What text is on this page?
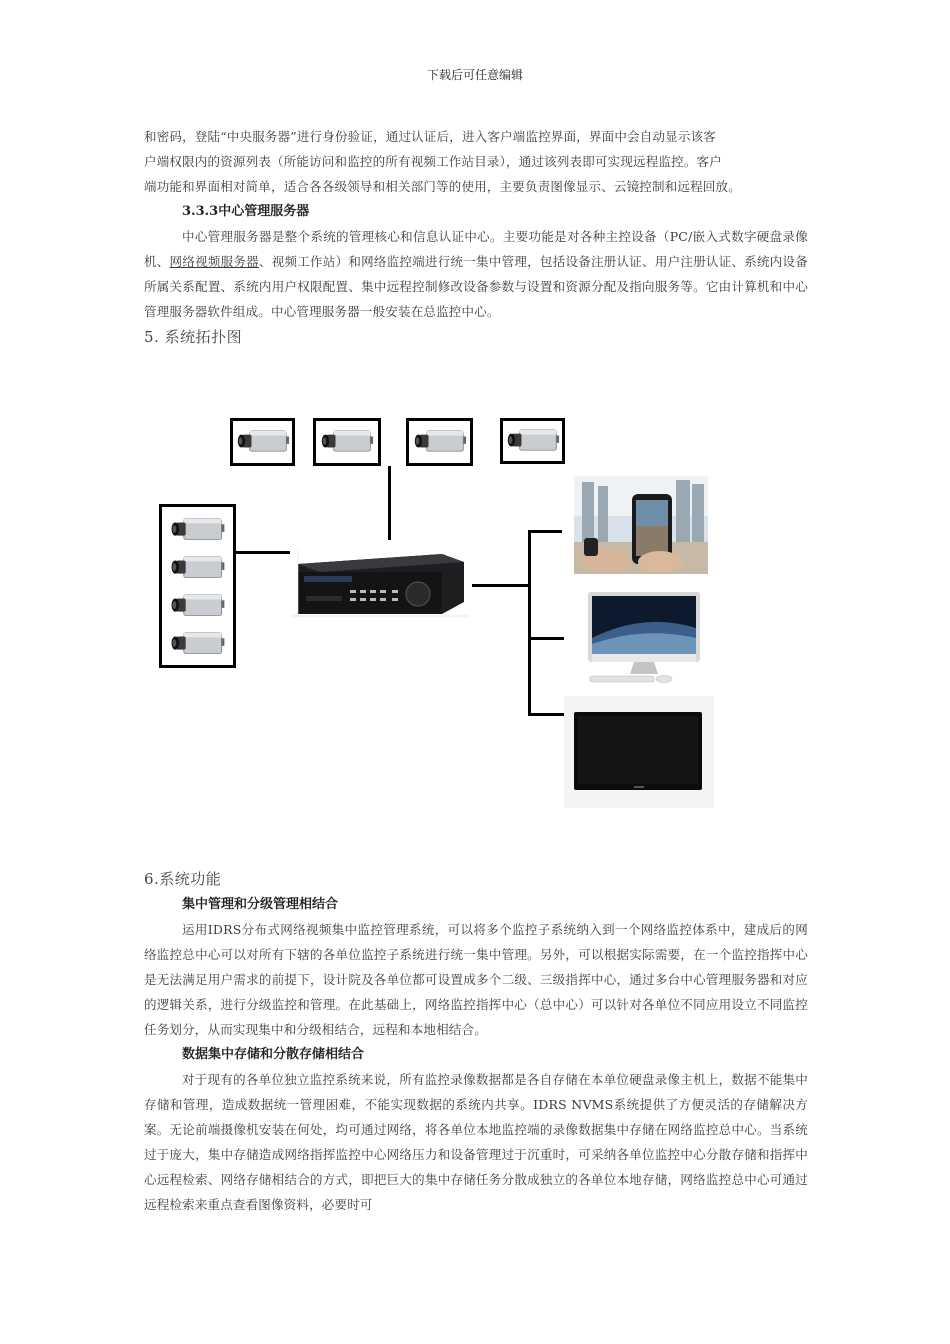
下载后可任意编辑

和密码，登陆“中央服务器”进行身份验证，通过认证后，进入客户端监控界面，界面中会自动显示该客

户端权限内的资源列表（所能访问和监控的所有视频工作站目录），通过该列表即可实现远程监控。客户

端功能和界面相对简单，适合各各级领导和相关部门等的使用，主要负责图像显示、云镜控制和远程回放。

3.3.3中心管理服务器

中心管理服务器是整个系统的管理核心和信息认证中心。主要功能是对各种主控设备（PC/嵌入式数字硬盘录像机、网络视频服务器、视频工作站）和网络监控端进行统一集中管理，包括设备注册认证、用户注册认证、系统内设备所属关系配置、系统内用户权限配置、集中远程控制修改设备参数与设置和资源分配及指向服务等。它由计算机和中心管理服务器软件组成。中心管理服务器一般安装在总监控中心。

5. 系统拓扑图

6.系统功能

集中管理和分级管理相结合

运用IDRS分布式网络视频集中监控管理系统，可以将多个监控子系统纳入到一个网络监控体系中，建成后的网络监控总中心可以对所有下辖的各单位监控子系统进行统一集中管理。另外，可以根据实际需要，在一个监控指挥中心是无法满足用户需求的前提下，设计院及各单位都可设置成多个二级、三级指挥中心，通过多台中心管理服务器和对应的逻辑关系，进行分级监控和管理。在此基础上，网络监控指挥中心（总中心）可以针对各单位不同应用设立不同监控任务划分，从而实现集中和分级相结合，远程和本地相结合。

数据集中存储和分散存储相结合

对于现有的各单位独立监控系统来说，所有监控录像数据都是各自存储在本单位硬盘录像主机上，数据不能集中存储和管理，造成数据统一管理困难，不能实现数据的系统内共享。IDRS NVMS系统提供了方便灵活的存储解决方案。无论前端摄像机安装在何处，均可通过网络，将各单位本地监控端的录像数据集中存储在网络监控总中心。当系统过于庞大，集中存储造成网络指挥监控中心网络压力和设备管理过于沉重时，可采纳各单位监控中心分散存储和指挥中心远程检索、网络存储相结合的方式，即把巨大的集中存储任务分散成独立的各单位本地存储，网络监控总中心可通过远程检索来重点查看图像资料，必要时可
